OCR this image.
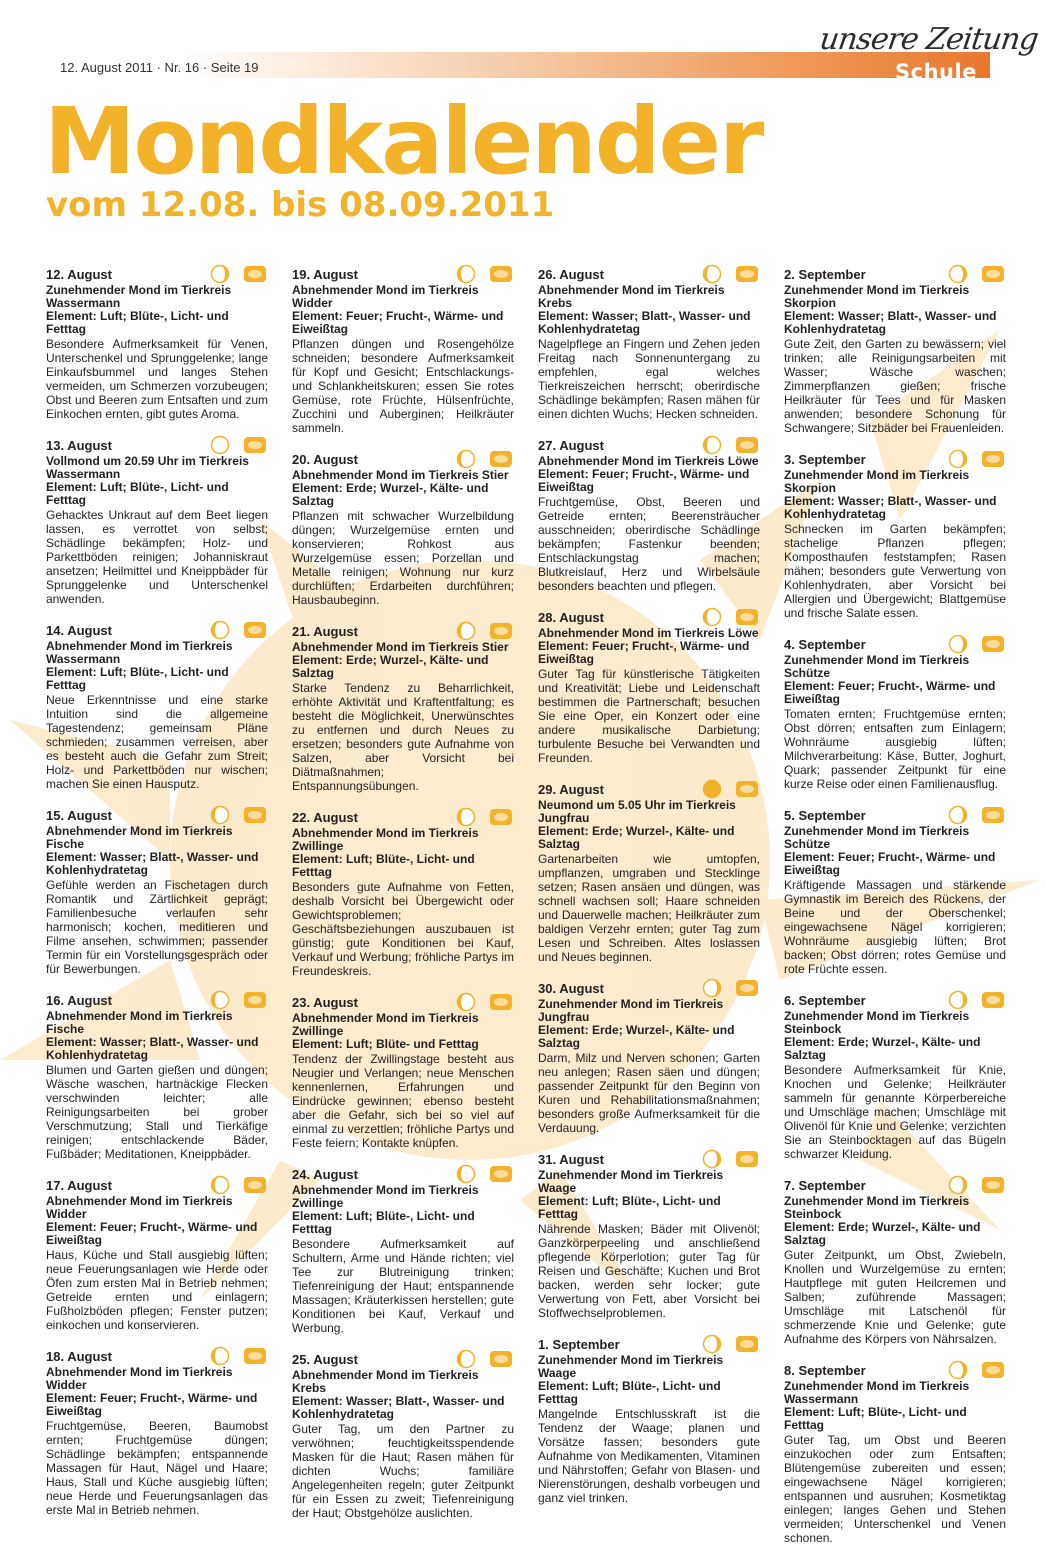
12. August 2011 · Nr. 16 · Seite 19
unsere Zeitung
Schule
Mondkalender
vom 12.08. bis 08.09.2011
12. August
Zunehmender Mond im Tierkreis Wassermann
Element: Luft; Blüte-, Licht- und Fetttag
Besondere Aufmerksamkeit für Venen, Unterschenkel und Sprunggelenke; lange Einkaufsbummel und langes Stehen vermeiden, um Schmerzen vorzubeugen; Obst und Beeren zum Entsaften und zum Einkochen ernten, gibt gutes Aroma.
13. August
Vollmond um 20.59 Uhr im Tierkreis Wassermann
Element: Luft; Blüte-, Licht- und Fetttag
Gehacktes Unkraut auf dem Beet liegen lassen, es verrottet von selbst; Schädlinge bekämpfen; Holz- und Parkettböden reinigen; Johanniskraut ansetzen; Heilmittel und Kneippbäder für Sprunggelenke und Unterschenkel anwenden.
14. August
Abnehmender Mond im Tierkreis Wassermann
Element: Luft; Blüte-, Licht- und Fetttag
Neue Erkenntnisse und eine starke Intuition sind die allgemeine Tagestendenz; gemeinsam Pläne schmieden; zusammen verreisen, aber es besteht auch die Gefahr zum Streit; Holz- und Parkettböden nur wischen; machen Sie einen Hausputz.
15. August
Abnehmender Mond im Tierkreis Fische
Element: Wasser; Blatt-, Wasser- und Kohlenhydratetag
Gefühle werden an Fischetagen durch Romantik und Zärtlichkeit geprägt; Familienbesuche verlaufen sehr harmonisch; kochen, meditieren und Filme ansehen, schwimmen; passender Termin für ein Vorstellungsgespräch oder für Bewerbungen.
16. August
Abnehmender Mond im Tierkreis Fische
Element: Wasser; Blatt-, Wasser- und Kohlenhydratetag
Blumen und Garten gießen und düngen; Wäsche waschen, hartnäckige Flecken verschwinden leichter; alle Reinigungsarbeiten bei grober Verschmutzung; Stall und Tierkäfige reinigen; entschlackende Bäder, Fußbäder; Meditationen, Kneippbäder.
17. August
Abnehmender Mond im Tierkreis Widder
Element: Feuer; Frucht-, Wärme- und Eiweißtag
Haus, Küche und Stall ausgiebig lüften; neue Feuerungsanlagen wie Herde oder Öfen zum ersten Mal in Betrieb nehmen; Getreide ernten und einlagern; Fußholzböden pflegen; Fenster putzen; einkochen und konservieren.
18. August
Abnehmender Mond im Tierkreis Widder
Element: Feuer; Frucht-, Wärme- und Eiweißtag
Fruchtgemüse, Beeren, Baumobst ernten; Fruchtgemüse düngen; Schädlinge bekämpfen; entspannende Massagen für Haut, Nägel und Haare; Haus, Stall und Küche ausgiebig lüften; neue Herde und Feuerungsanlagen das erste Mal in Betrieb nehmen.
19. August
Abnehmender Mond im Tierkreis Widder
Element: Feuer; Frucht-, Wärme- und Eiweißtag
Pflanzen düngen und Rosengehölze schneiden; besondere Aufmerksamkeit für Kopf und Gesicht; Entschlackungs- und Schlankheitskuren; essen Sie rotes Gemüse, rote Früchte, Hülsenfrüchte, Zucchini und Auberginen; Heilkräuter sammeln.
20. August
Abnehmender Mond im Tierkreis Stier
Element: Erde; Wurzel-, Kälte- und Salztag
Pflanzen mit schwacher Wurzelbildung düngen; Wurzelgemüse ernten und konservieren; Rohkost aus Wurzelgemüse essen; Porzellan und Metalle reinigen; Wohnung nur kurz durchlüften; Erdarbeiten durchführen; Hausbaubeginn.
21. August
Abnehmender Mond im Tierkreis Stier
Element: Erde; Wurzel-, Kälte- und Salztag
Starke Tendenz zu Beharrlichkeit, erhöhte Aktivität und Kraftentfaltung; es besteht die Möglichkeit, Unerwünschtes zu entfernen und durch Neues zu ersetzen; besonders gute Aufnahme von Salzen, aber Vorsicht bei Diätmaßnahmen; Entspannungsübungen.
22. August
Abnehmender Mond im Tierkreis Zwillinge
Element: Luft; Blüte-, Licht- und Fetttag
Besonders gute Aufnahme von Fetten, deshalb Vorsicht bei Übergewicht oder Gewichtsproblemen; Geschäftsbeziehungen auszubauen ist günstig; gute Konditionen bei Kauf, Verkauf und Werbung; fröhliche Partys im Freundeskreis.
23. August
Abnehmender Mond im Tierkreis Zwillinge
Element: Luft; Blüte- und Fetttag
Tendenz der Zwillingstage besteht aus Neugier und Verlangen; neue Menschen kennenlernen, Erfahrungen und Eindrücke gewinnen; ebenso besteht aber die Gefahr, sich bei so viel auf einmal zu verzettlen; fröhliche Partys und Feste feiern; Kontakte knüpfen.
24. August
Abnehmender Mond im Tierkreis Zwillinge
Element: Luft; Blüte-, Licht- und Fetttag
Besondere Aufmerksamkeit auf Schultern, Arme und Hände richten; viel Tee zur Blutreinigung trinken; Tiefenreinigung der Haut; entspannende Massagen; Kräuterkissen herstellen; gute Konditionen bei Kauf, Verkauf und Werbung.
25. August
Abnehmender Mond im Tierkreis Krebs
Element: Wasser; Blatt-, Wasser- und Kohlenhydratetag
Guter Tag, um den Partner zu verwöhnen; feuchtigkeitsspendende Masken für die Haut; Rasen mähen für dichten Wuchs; familiäre Angelegenheiten regeln; guter Zeitpunkt für ein Essen zu zweit; Tiefenreinigung der Haut; Obstgehölze auslichten.
26. August
Abnehmender Mond im Tierkreis Krebs
Element: Wasser; Blatt-, Wasser- und Kohlenhydratetag
Nagelpflege an Fingern und Zehen jeden Freitag nach Sonnenuntergang zu empfehlen, egal welches Tierkreiszeichen herrscht; oberirdische Schädlinge bekämpfen; Rasen mähen für einen dichten Wuchs; Hecken schneiden.
27. August
Abnehmender Mond im Tierkreis Löwe
Element: Feuer; Frucht-, Wärme- und Eiweißtag
Fruchtgemüse, Obst, Beeren und Getreide ernten; Beerensträucher ausschneiden; oberirdische Schädlinge bekämpfen; Fastenkur beenden; Entschlackungstag machen; Blutkreislauf, Herz und Wirbelsäule besonders beachten und pflegen.
28. August
Abnehmender Mond im Tierkreis Löwe
Element: Feuer; Frucht-, Wärme- und Eiweißtag
Guter Tag für künstlerische Tätigkeiten und Kreativität; Liebe und Leidenschaft bestimmen die Partnerschaft; besuchen Sie eine Oper, ein Konzert oder eine andere musikalische Darbietung; turbulente Besuche bei Verwandten und Freunden.
29. August
Neumond um 5.05 Uhr im Tierkreis Jungfrau
Element: Erde; Wurzel-, Kälte- und Salztag
Gartenarbeiten wie umtopfen, umpflanzen, umgraben und Stecklinge setzen; Rasen ansäen und düngen, was schnell wachsen soll; Haare schneiden und Dauerwelle machen; Heilkräuter zum baldigen Verzehr ernten; guter Tag zum Lesen und Schreiben. Altes loslassen und Neues beginnen.
30. August
Zunehmender Mond im Tierkreis Jungfrau
Element: Erde; Wurzel-, Kälte- und Salztag
Darm, Milz und Nerven schonen; Garten neu anlegen; Rasen säen und düngen; passender Zeitpunkt für den Beginn von Kuren und Rehabilitationsmaßnahmen; besonders große Aufmerksamkeit für die Verdauung.
31. August
Zunehmender Mond im Tierkreis Waage
Element: Luft; Blüte-, Licht- und Fetttag
Nährende Masken; Bäder mit Olivenöl; Ganzkörperpeeling und anschließend pflegende Körperlotion; guter Tag für Reisen und Geschäfte; Kuchen und Brot backen, werden sehr locker; gute Verwertung von Fett, aber Vorsicht bei Stoffwechselproblemen.
1. September
Zunehmender Mond im Tierkreis Waage
Element: Luft; Blüte-, Licht- und Fetttag
Mangelnde Entschlusskraft ist die Tendenz der Waage; planen und Vorsätze fassen; besonders gute Aufnahme von Medikamenten, Vitaminen und Nährstoffen; Gefahr von Blasen- und Nierenstörungen, deshalb vorbeugen und ganz viel trinken.
2. September
Zunehmender Mond im Tierkreis Skorpion
Element: Wasser; Blatt-, Wasser- und Kohlenhydratetag
Gute Zeit, den Garten zu bewässern; viel trinken; alle Reinigungsarbeiten mit Wasser; Wäsche waschen; Zimmerpflanzen gießen; frische Heilkräuter für Tees und für Masken anwenden; besondere Schonung für Schwangere; Sitzbäder bei Frauenleiden.
3. September
Zunehmender Mond im Tierkreis Skorpion
Element: Wasser; Blatt-, Wasser- und Kohlenhydratetag
Schnecken im Garten bekämpfen; stachelige Pflanzen pflegen; Komposthaufen feststampfen; Rasen mähen; besonders gute Verwertung von Kohlenhydraten, aber Vorsicht bei Allergien und Übergewicht; Blattgemüse und frische Salate essen.
4. September
Zunehmender Mond im Tierkreis Schütze
Element: Feuer; Frucht-, Wärme- und Eiweißtag
Tomaten ernten; Fruchtgemüse ernten; Obst dörren; entsaften zum Einlagern; Wohnräume ausgiebig lüften; Milchverarbeitung: Käse, Butter, Joghurt, Quark; passender Zeitpunkt für eine kurze Reise oder einen Familienausflug.
5. September
Zunehmender Mond im Tierkreis Schütze
Element: Feuer; Frucht-, Wärme- und Eiweißtag
Kräftigende Massagen und stärkende Gymnastik im Bereich des Rückens, der Beine und der Oberschenkel; eingewachsene Nägel korrigieren; Wohnräume ausgiebig lüften; Brot backen; Obst dörren; rotes Gemüse und rote Früchte essen.
6. September
Zunehmender Mond im Tierkreis Steinbock
Element: Erde; Wurzel-, Kälte- und Salztag
Besondere Aufmerksamkeit für Knie, Knochen und Gelenke; Heilkräuter sammeln für genannte Körperbereiche und Umschläge machen; Umschläge mit Olivenöl für Knie und Gelenke; verzichten Sie an Steinbocktagen auf das Bügeln schwarzer Kleidung.
7. September
Zunehmender Mond im Tierkreis Steinbock
Element: Erde; Wurzel-, Kälte- und Salztag
Guter Zeitpunkt, um Obst, Zwiebeln, Knollen und Wurzelgemüse zu ernten; Hautpflege mit guten Heilcremen und Salben; zuführende Massagen; Umschläge mit Latschenöl für schmerzende Knie und Gelenke; gute Aufnahme des Körpers von Nährsalzen.
8. September
Zunehmender Mond im Tierkreis Wassermann
Element: Luft; Blüte-, Licht- und Fetttag
Guter Tag, um Obst und Beeren einzukochen oder zum Entsaften; Blütengemüse zubereiten und essen; eingewachsene Nägel korrigieren; entspannen und ausruhen; Kosmetiktag einlegen; langes Gehen und Stehen vermeiden; Unterschenkel und Venen schonen.
